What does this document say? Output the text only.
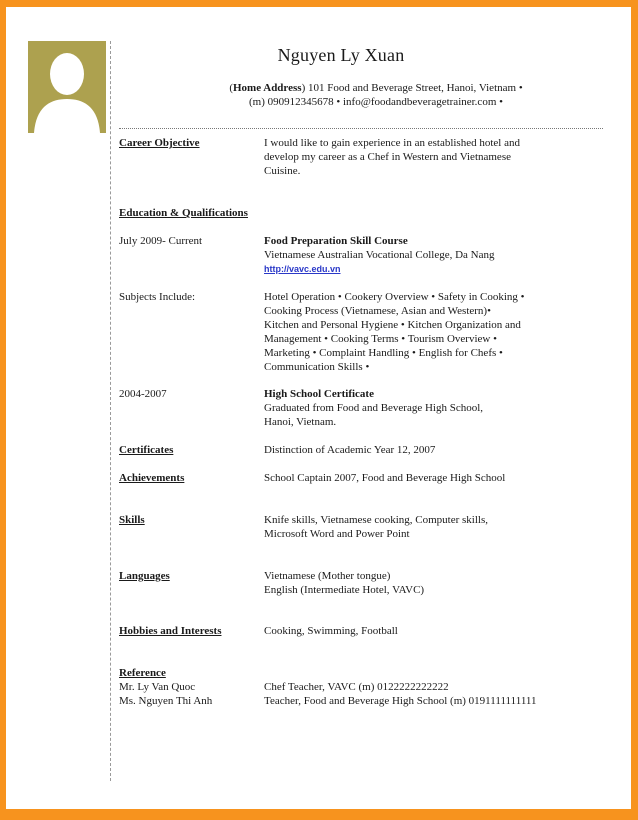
Nguyen Ly Xuan
(Home Address) 101 Food and Beverage Street, Hanoi, Vietnam •
(m) 090912345678 • info@foodandbeveragetrainer.com •
Career Objective	I would like to gain experience in an established hotel and
develop my career as a Chef in Western and Vietnamese
Cuisine.
Education & Qualifications
July 2009- Current	Food Preparation Skill Course
Vietnamese Australian Vocational College, Da Nang
http://vavc.edu.vn
Subjects Include:	Hotel Operation • Cookery Overview • Safety in Cooking •
Cooking Process (Vietnamese, Asian and Western)•
Kitchen and Personal Hygiene • Kitchen Organization and
Management • Cooking Terms • Tourism Overview •
Marketing • Complaint Handling • English for Chefs •
Communication Skills •
2004-2007	High School Certificate
Graduated from Food and Beverage High School,
Hanoi, Vietnam.
Certificates	Distinction of Academic Year 12, 2007
Achievements	School Captain 2007, Food and Beverage High School
Skills	Knife skills, Vietnamese cooking, Computer skills,
Microsoft Word and Power Point
Languages	Vietnamese (Mother tongue)
English (Intermediate Hotel, VAVC)
Hobbies and Interests	Cooking, Swimming, Football
Reference
Mr. Ly Van Quoc	Chef Teacher, VAVC (m) 0122222222222
Ms. Nguyen Thi Anh	Teacher, Food and Beverage High School (m) 0191111111111
